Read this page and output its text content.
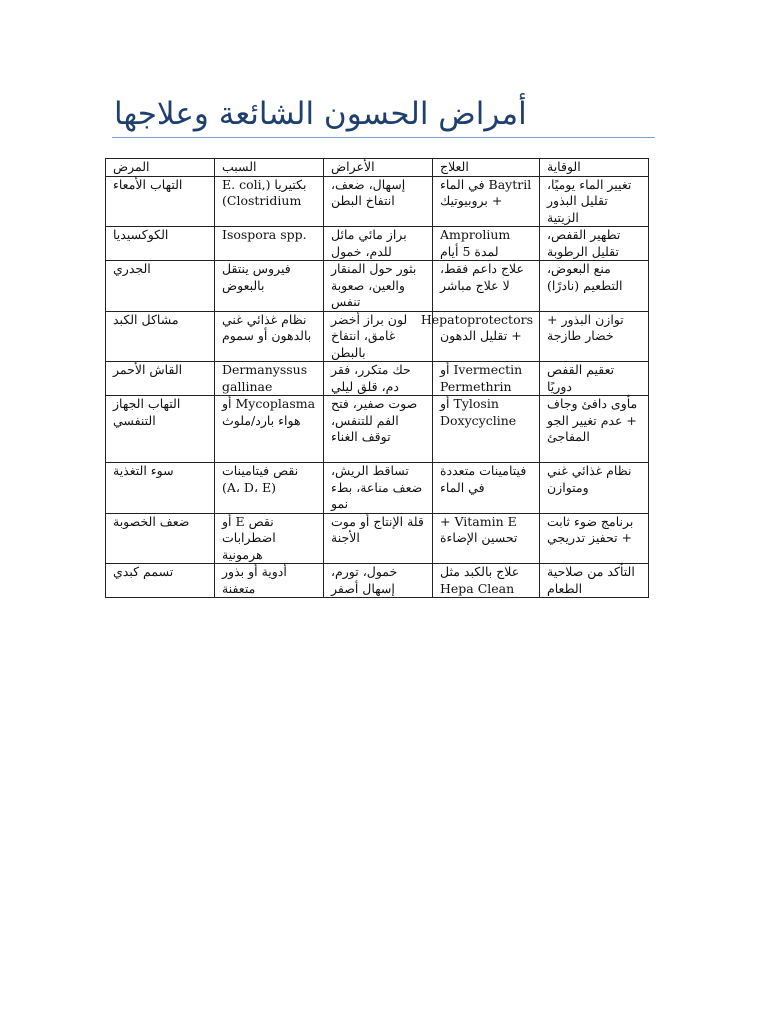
أمراض الحسون الشائعة وعلاجها
المرض	السبب	الأعراض	العلاج	الوقاية
التهاب الأمعاء	بكتيريا (E. coli, Clostridium)	إسهال، ضعف، انتفاخ البطن	Baytril في الماء + بروبيوتيك	تغيير الماء يوميًا، تقليل البذور الزيتية
الكوكسيديا	Isospora spp.	براز مائي مائل للدم، خمول	Amprolium لمدة 5 أيام	تطهير القفص، تقليل الرطوبة
الجدري	فيروس ينتقل بالبعوض	بثور حول المنقار والعين، صعوبة تنفس	علاج داعم فقط، لا علاج مباشر	منع البعوض، التطعيم (نادرًا)
مشاكل الكبد	نظام غذائي غني بالدهون أو سموم	لون براز أخضر غامق، انتفاخ بالبطن	Hepatoprotectors + تقليل الدهون	توازن البذور + خضار طازجة
القاش الأحمر	Dermanyssus gallinae	حك متكرر، فقر دم، قلق ليلي	Ivermectin أو Permethrin	تعقيم القفص دوريًا
التهاب الجهاز التنفسي	Mycoplasma أو هواء بارد/ملوث	صوت صفير، فتح الفم للتنفس، توقف الغناء	Tylosin أو Doxycycline	مأوى دافئ وجاف + عدم تغيير الجو المفاجئ
سوء التغذية	نقص فيتامينات (A، D، E)	تساقط الريش، ضعف مناعة، بطء نمو	فيتامينات متعددة في الماء	نظام غذائي غني ومتوازن
ضعف الخصوبة	نقص E أو اضطرابات هرمونية	قلة الإنتاج أو موت الأجنة	Vitamin E + تحسين الإضاءة	برنامج ضوء ثابت + تحفيز تدريجي
تسمم كبدي	أدوية أو بذور متعفنة	خمول، تورم، إسهال أصفر	علاج بالكبد مثل Hepa Clean	التأكد من صلاحية الطعام
